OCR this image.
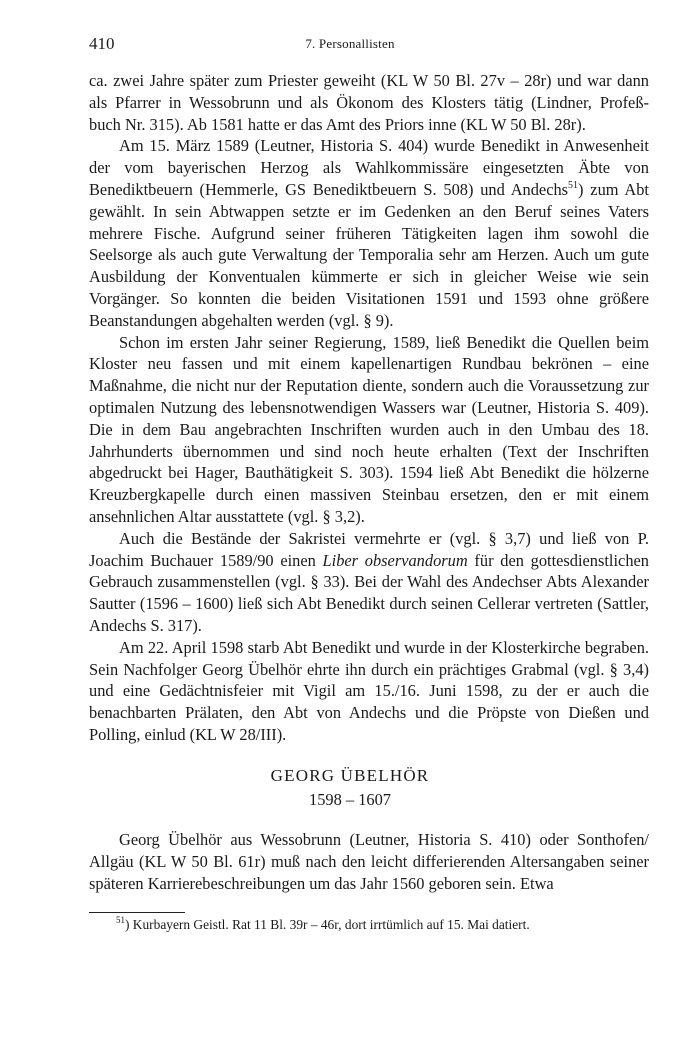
410	7. Personallisten

ca. zwei Jahre später zum Priester geweiht (KL W 50 Bl. 27v – 28r) und war dann
als Pfarrer in Wessobrunn und als Ökonom des Klosters tätig (Lindner, Profeß-
buch Nr. 315). Ab 1581 hatte er das Amt des Priors inne (KL W 50 Bl. 28r).

Am 15. März 1589 (Leutner, Historia S. 404) wurde Benedikt in Anwesenheit der vom bayerischen Herzog als Wahlkommissäre eingesetzten Äbte von Benediktbeuern (Hemmerle, GS Benediktbeuern S. 508) und Andechs$^{51}$) zum Abt gewählt. In sein Abtwappen setzte er im Gedenken an den Beruf seines Vaters mehrere Fische. Aufgrund seiner früheren Tätigkeiten lagen ihm sowohl die Seelsorge als auch gute Verwaltung der Temporalia sehr am Herzen. Auch um gute Ausbildung der Konventualen kümmerte er sich in gleicher Weise wie sein Vorgänger. So konnten die beiden Visitationen 1591 und 1593 ohne größere Beanstandungen abgehalten werden (vgl. § 9).

Schon im ersten Jahr seiner Regierung, 1589, ließ Benedikt die Quellen beim Kloster neu fassen und mit einem kapellenartigen Rundbau bekrönen – eine Maßnahme, die nicht nur der Reputation diente, sondern auch die Voraussetzung zur optimalen Nutzung des lebensnotwendigen Wassers war (Leutner, Historia S. 409). Die in dem Bau angebrachten Inschriften wurden auch in den Umbau des 18. Jahrhunderts übernommen und sind noch heute erhalten (Text der Inschriften abgedruckt bei Hager, Bauthätigkeit S. 303). 1594 ließ Abt Benedikt die hölzerne Kreuzbergkapelle durch einen massiven Steinbau ersetzen, den er mit einem ansehnlichen Altar ausstattete (vgl. § 3,2).

Auch die Bestände der Sakristei vermehrte er (vgl. § 3,7) und ließ von P. Joachim Buchauer 1589/90 einen Liber observandorum für den gottesdienstlichen Gebrauch zusammenstellen (vgl. § 33). Bei der Wahl des Andechser Abts Alexander Sautter (1596 – 1600) ließ sich Abt Benedikt durch seinen Cellerar vertreten (Sattler, Andechs S. 317).

Am 22. April 1598 starb Abt Benedikt und wurde in der Klosterkirche begraben. Sein Nachfolger Georg Übelhör ehrte ihn durch ein prächtiges Grabmal (vgl. § 3,4) und eine Gedächtnisfeier mit Vigil am 15./16. Juni 1598, zu der er auch die benachbarten Prälaten, den Abt von Andechs und die Pröpste von Dießen und Polling, einlud (KL W 28/III).

GEORG ÜBELHÖR
1598 – 1607

Georg Übelhör aus Wessobrunn (Leutner, Historia S. 410) oder Sonthofen/ Allgäu (KL W 50 Bl. 61r) muß nach den leicht differierenden Altersangaben seiner späteren Karrierebeschreibungen um das Jahr 1560 geboren sein. Etwa

$^{51}$) Kurbayern Geistl. Rat 11 Bl. 39r – 46r, dort irrtümlich auf 15. Mai datiert.
